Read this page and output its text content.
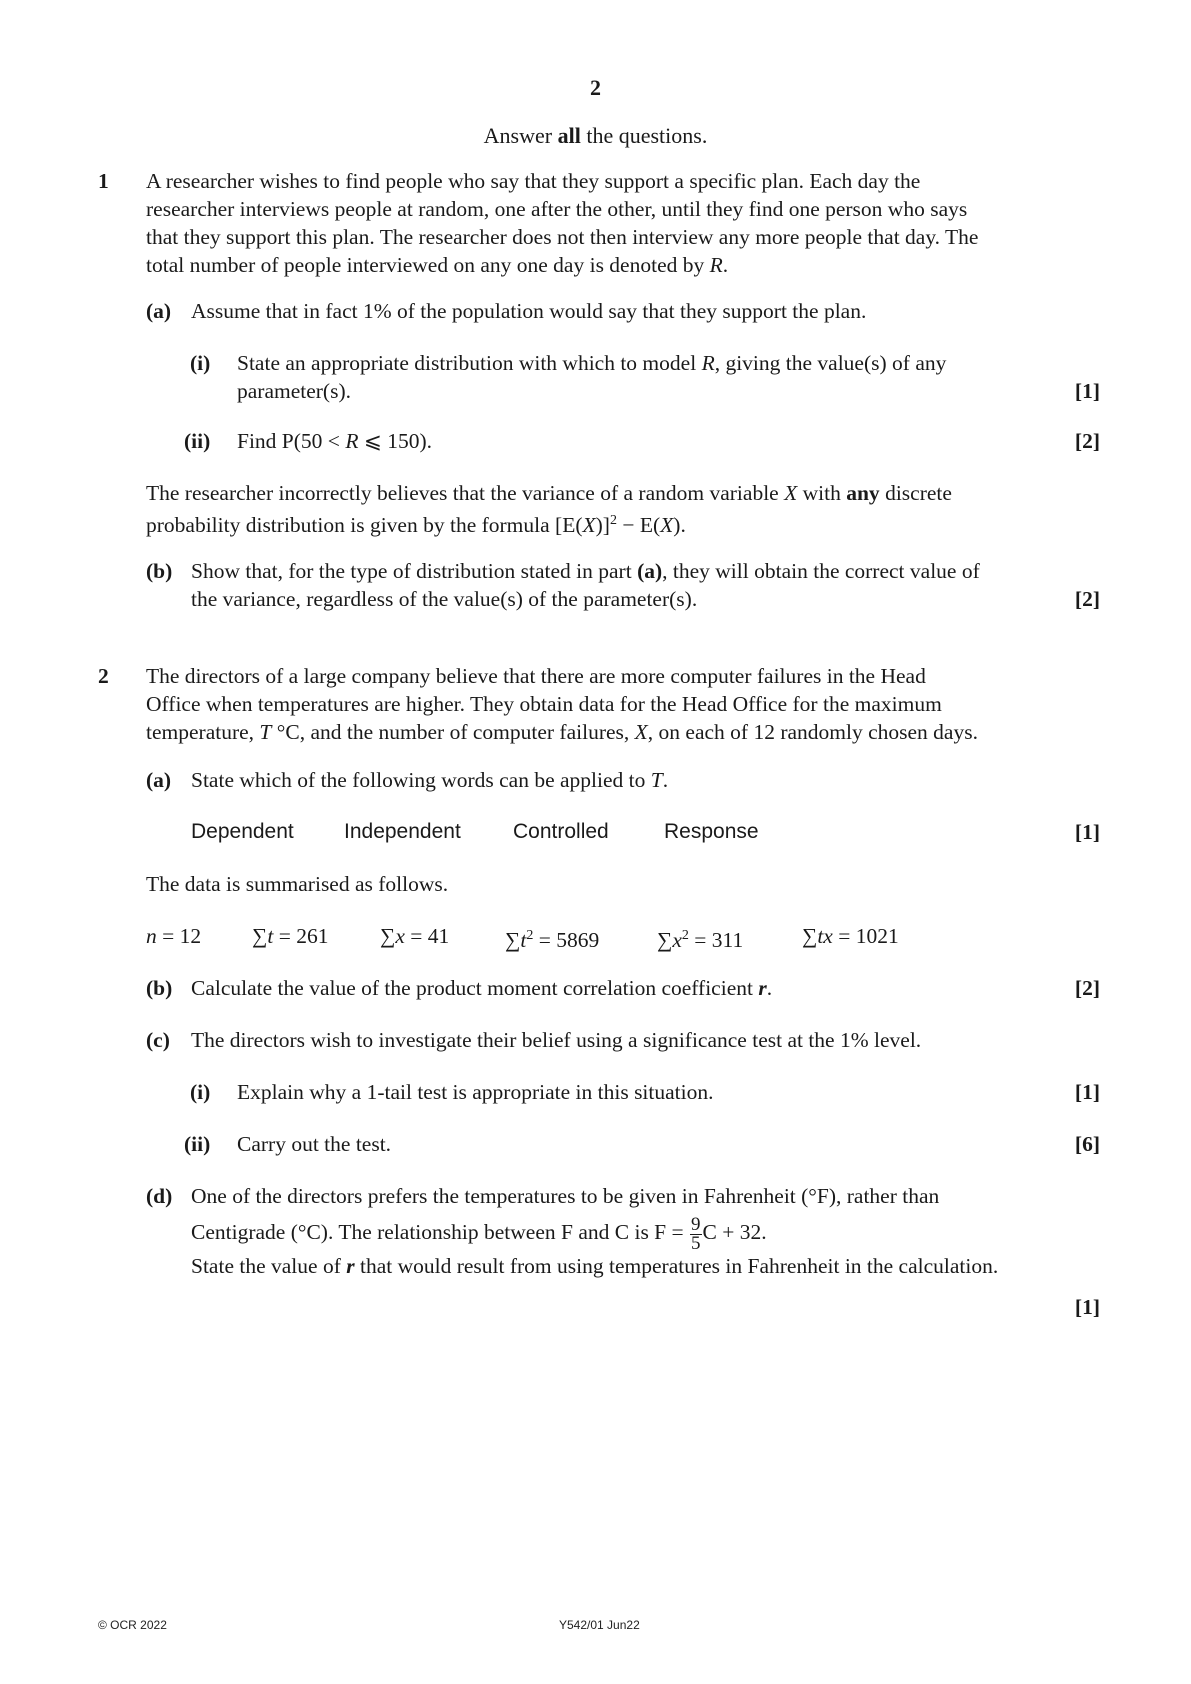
2
Answer all the questions.
1 A researcher wishes to find people who say that they support a specific plan. Each day the
researcher interviews people at random, one after the other, until they find one person who says
that they support this plan. The researcher does not then interview any more people that day. The
total number of people interviewed on any one day is denoted by R.
(a) Assume that in fact 1% of the population would say that they support the plan.
(i)	State an appropriate distribution with which to model R, giving the value(s) of any
parameter(s).	[1]
(ii)	Find P(50 < R ⩽ 150).	[2]
The researcher incorrectly believes that the variance of a random variable X with any discrete
probability distribution is given by the formula $[E(X)]^2 - E(X)$.
(b) Show that, for the type of distribution stated in part (a), they will obtain the correct value of
the variance, regardless of the value(s) of the parameter(s).	[2]
2 The directors of a large company believe that there are more computer failures in the Head
Office when temperatures are higher. They obtain data for the Head Office for the maximum
temperature, T °C, and the number of computer failures, X, on each of 12 randomly chosen days.
(a) State which of the following words can be applied to T.
Dependent Independent Controlled	Response	[1]
The data is summarised as follows.
n = 12 ∑t = 261 ∑x = 41	$\sum t^2 = 5869$	$\sum x^2 = 311$	∑tx = 1021
(b) Calculate the value of the product moment correlation coefficient r.	[2]
(c) The directors wish to investigate their belief using a significance test at the 1% level.
(i)	Explain why a 1-tail test is appropriate in this situation.	[1]
(ii)	Carry out the test.	[6]
(d) One of the directors prefers the temperatures to be given in Fahrenheit (°F), rather than
Centigrade (°C). The relationship between F and C is $F = \frac{9}{5}$ C + 32.
State the value of r that would result from using temperatures in Fahrenheit in the calculation.
[1]
© OCR 2022	Y542/01 Jun22
